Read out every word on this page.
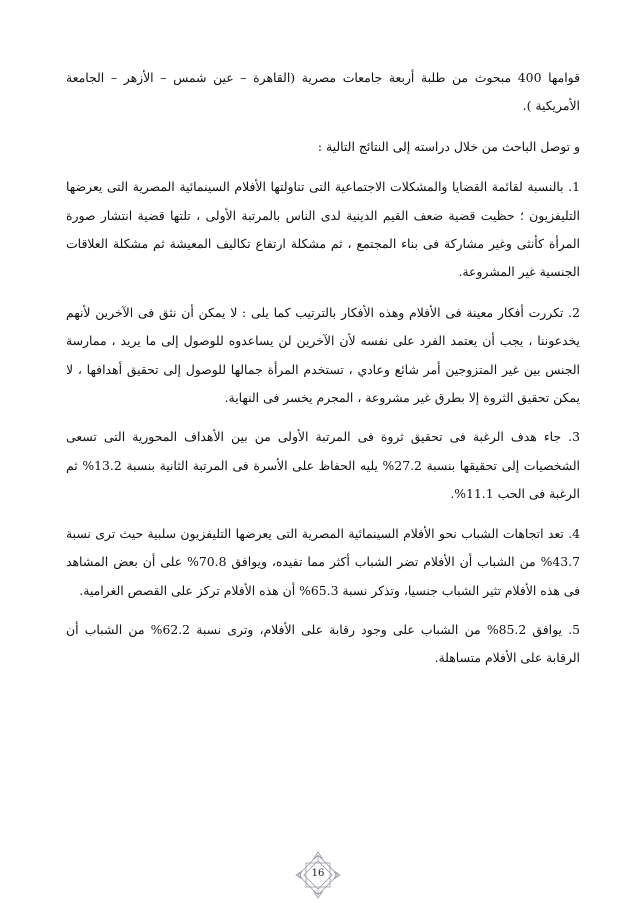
قوامها 400 مبحوث من طلبة أربعة جامعات مصرية (القاهرة – عين شمس – الأزهر – الجامعة الأمريكية ).

و توصل الباحث من خلال دراسته إلى النتائج التالية :

1. بالنسبة لقائمة القضايا والمشكلات الاجتماعية التى تناولتها الأفلام السينمائية المصرية التى يعرضها التليفزيون ؛ حظيت قضية ضعف القيم الدينية لدى الناس بالمرتبة الأولى ، تلتها قضية انتشار صورة المرأة كأنثى وغير مشاركة فى بناء المجتمع ، ثم مشكلة ارتفاع تكاليف المعيشة ثم مشكلة العلاقات الجنسية غير المشروعة.

2. تكررت أفكار معينة فى الأفلام وهذه الأفكار بالترتيب كما يلى : لا يمكن أن نثق فى الآخرين لأنهم يخدعوننا ، يجب أن يعتمد الفرد على نفسه لأن الآخرين لن يساعدوه للوصول إلى ما يريد ، ممارسة الجنس بين غير المتزوجين أمر شائع وعادي ، تستخدم المرأة جمالها للوصول إلى تحقيق أهدافها ، لا يمكن تحقيق الثروة إلا بطرق غير مشروعة ، المجرم يخسر فى النهاية.

3. جاء هدف الرغبة فى تحقيق ثروة فى المرتبة الأولى من بين الأهداف المحورية التى تسعى الشخصيات إلى تحقيقها بنسبة 27.2% يليه الحفاظ على الأسرة فى المرتبة الثانية بنسبة 13.2% ثم الرغبة فى الحب 11.1%.

4. تعد اتجاهات الشباب نحو الأفلام السينمائية المصرية التى يعرضها التليفزيون سلبية حيث ترى نسبة 43.7% من الشباب أن الأفلام تضر الشباب أكثر مما تفيده، ويوافق 70.8% على أن بعض المشاهد فى هذه الأفلام تثير الشباب جنسيا، وتذكر نسبة 65.3% أن هذه الأفلام تركز على القصص الغرامية.

5. يوافق 85.2% من الشباب على وجود رقابة على الأفلام، وترى نسبة 62.2% من الشباب أن الرقابة على الأفلام متساهلة.

16
